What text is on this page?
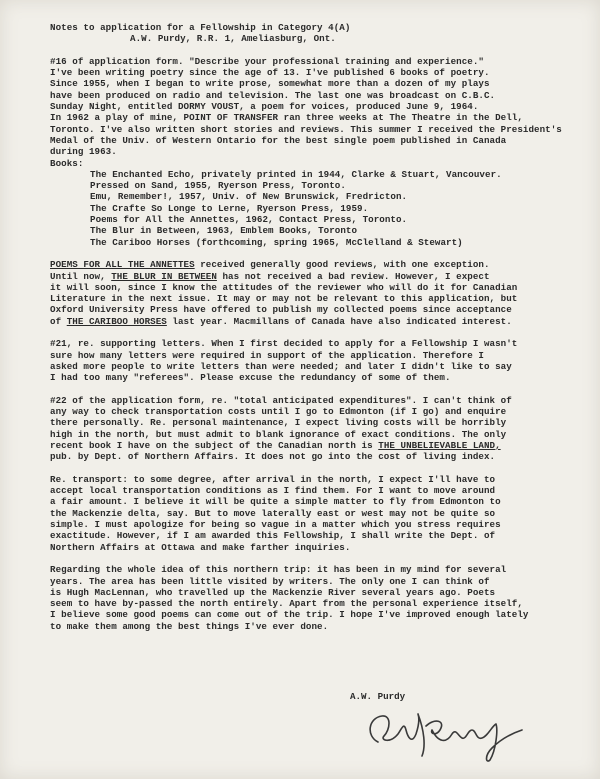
Notes to application for a Fellowship in Category 4(A)
A.W. Purdy, R.R. 1, Ameliasburg, Ont.
#16 of application form. "Describe your professional training and experience."
I've been writing poetry since the age of 13. I've published 6 books of poetry.
Since 1955, when I began to write prose, somewhat more than a dozen of my plays
have been produced on radio and television. The last one was broadcast on C.B.C.
Sunday Night, entitled DORMY VOUST, a poem for voices, produced June 9, 1964.
In 1962 a play of mine, POINT OF TRANSFER ran three weeks at The Theatre in the Dell,
Toronto. I've also written short stories and reviews. This summer I received the President's
Medal of the Univ. of Western Ontario for the best single poem published in Canada
during 1963.
Books:
The Enchanted Echo, privately printed in 1944, Clarke & Stuart, Vancouver.
Pressed on Sand, 1955, Ryerson Press, Toronto.
Emu, Remember!, 1957, Univ. of New Brunswick, Fredricton.
The Crafte So Longe to Lerne, Ryerson Press, 1959.
Poems for All the Annettes, 1962, Contact Press, Toronto.
The Blur in Between, 1963, Emblem Books, Toronto
The Cariboo Horses (forthcoming, spring 1965, McClelland & Stewart)
POEMS FOR ALL THE ANNETTES received generally good reviews, with one exception.
Until now, THE BLUR IN BETWEEN has not received a bad review. However, I expect
it will soon, since I know the attitudes of the reviewer who will do it for Canadian
Literature in the next issue. It may or may not be relevant to this application, but
Oxford University Press have offered to publish my collected poems since acceptance
of THE CARIBOO HORSES last year. Macmillans of Canada have also indicated interest.
#21, re. supporting letters. When I first decided to apply for a Fellowship I wasn't
sure how many letters were required in support of the application. Therefore I
asked more people to write letters than were needed; and later I didn't like to say
I had too many "referees". Please excuse the redundancy of some of them.
#22 of the application form, re. "total anticipated expenditures". I can't think of
any way to check transportation costs until I go to Edmonton (if I go) and enquire
there personally. Re. personal maintenance, I expect living costs will be horribly
high in the north, but must admit to blank ignorance of exact conditions. The only
recent book I have on the subject of the Canadian north is THE UNBELIEVABLE LAND,
pub. by Dept. of Northern Affairs. It does not go into the cost of living index.
Re. transport: to some degree, after arrival in the north, I expect I'll have to
accept local transportation conditions as I find them. For I want to move around
a fair amount. I believe it will be quite a simple matter to fly from Edmonton to
the Mackenzie delta, say. But to move laterally east or west may not be quite so
simple. I must apologize for being so vague in a matter which you stress requires
exactitude. However, if I am awarded this Fellowship, I shall write the Dept. of
Northern Affairs at Ottawa and make farther inquiries.
Regarding the whole idea of this northern trip: it has been in my mind for several
years. The area has been little visited by writers. The only one I can think of
is Hugh MacLennan, who travelled up the Mackenzie River several years ago. Poets
seem to have by-passed the north entirely. Apart from the personal experience itself,
I believe some good poems can come out of the trip. I hope I've improved enough lately
to make them among the best things I've ever done.
A.W. Purdy
